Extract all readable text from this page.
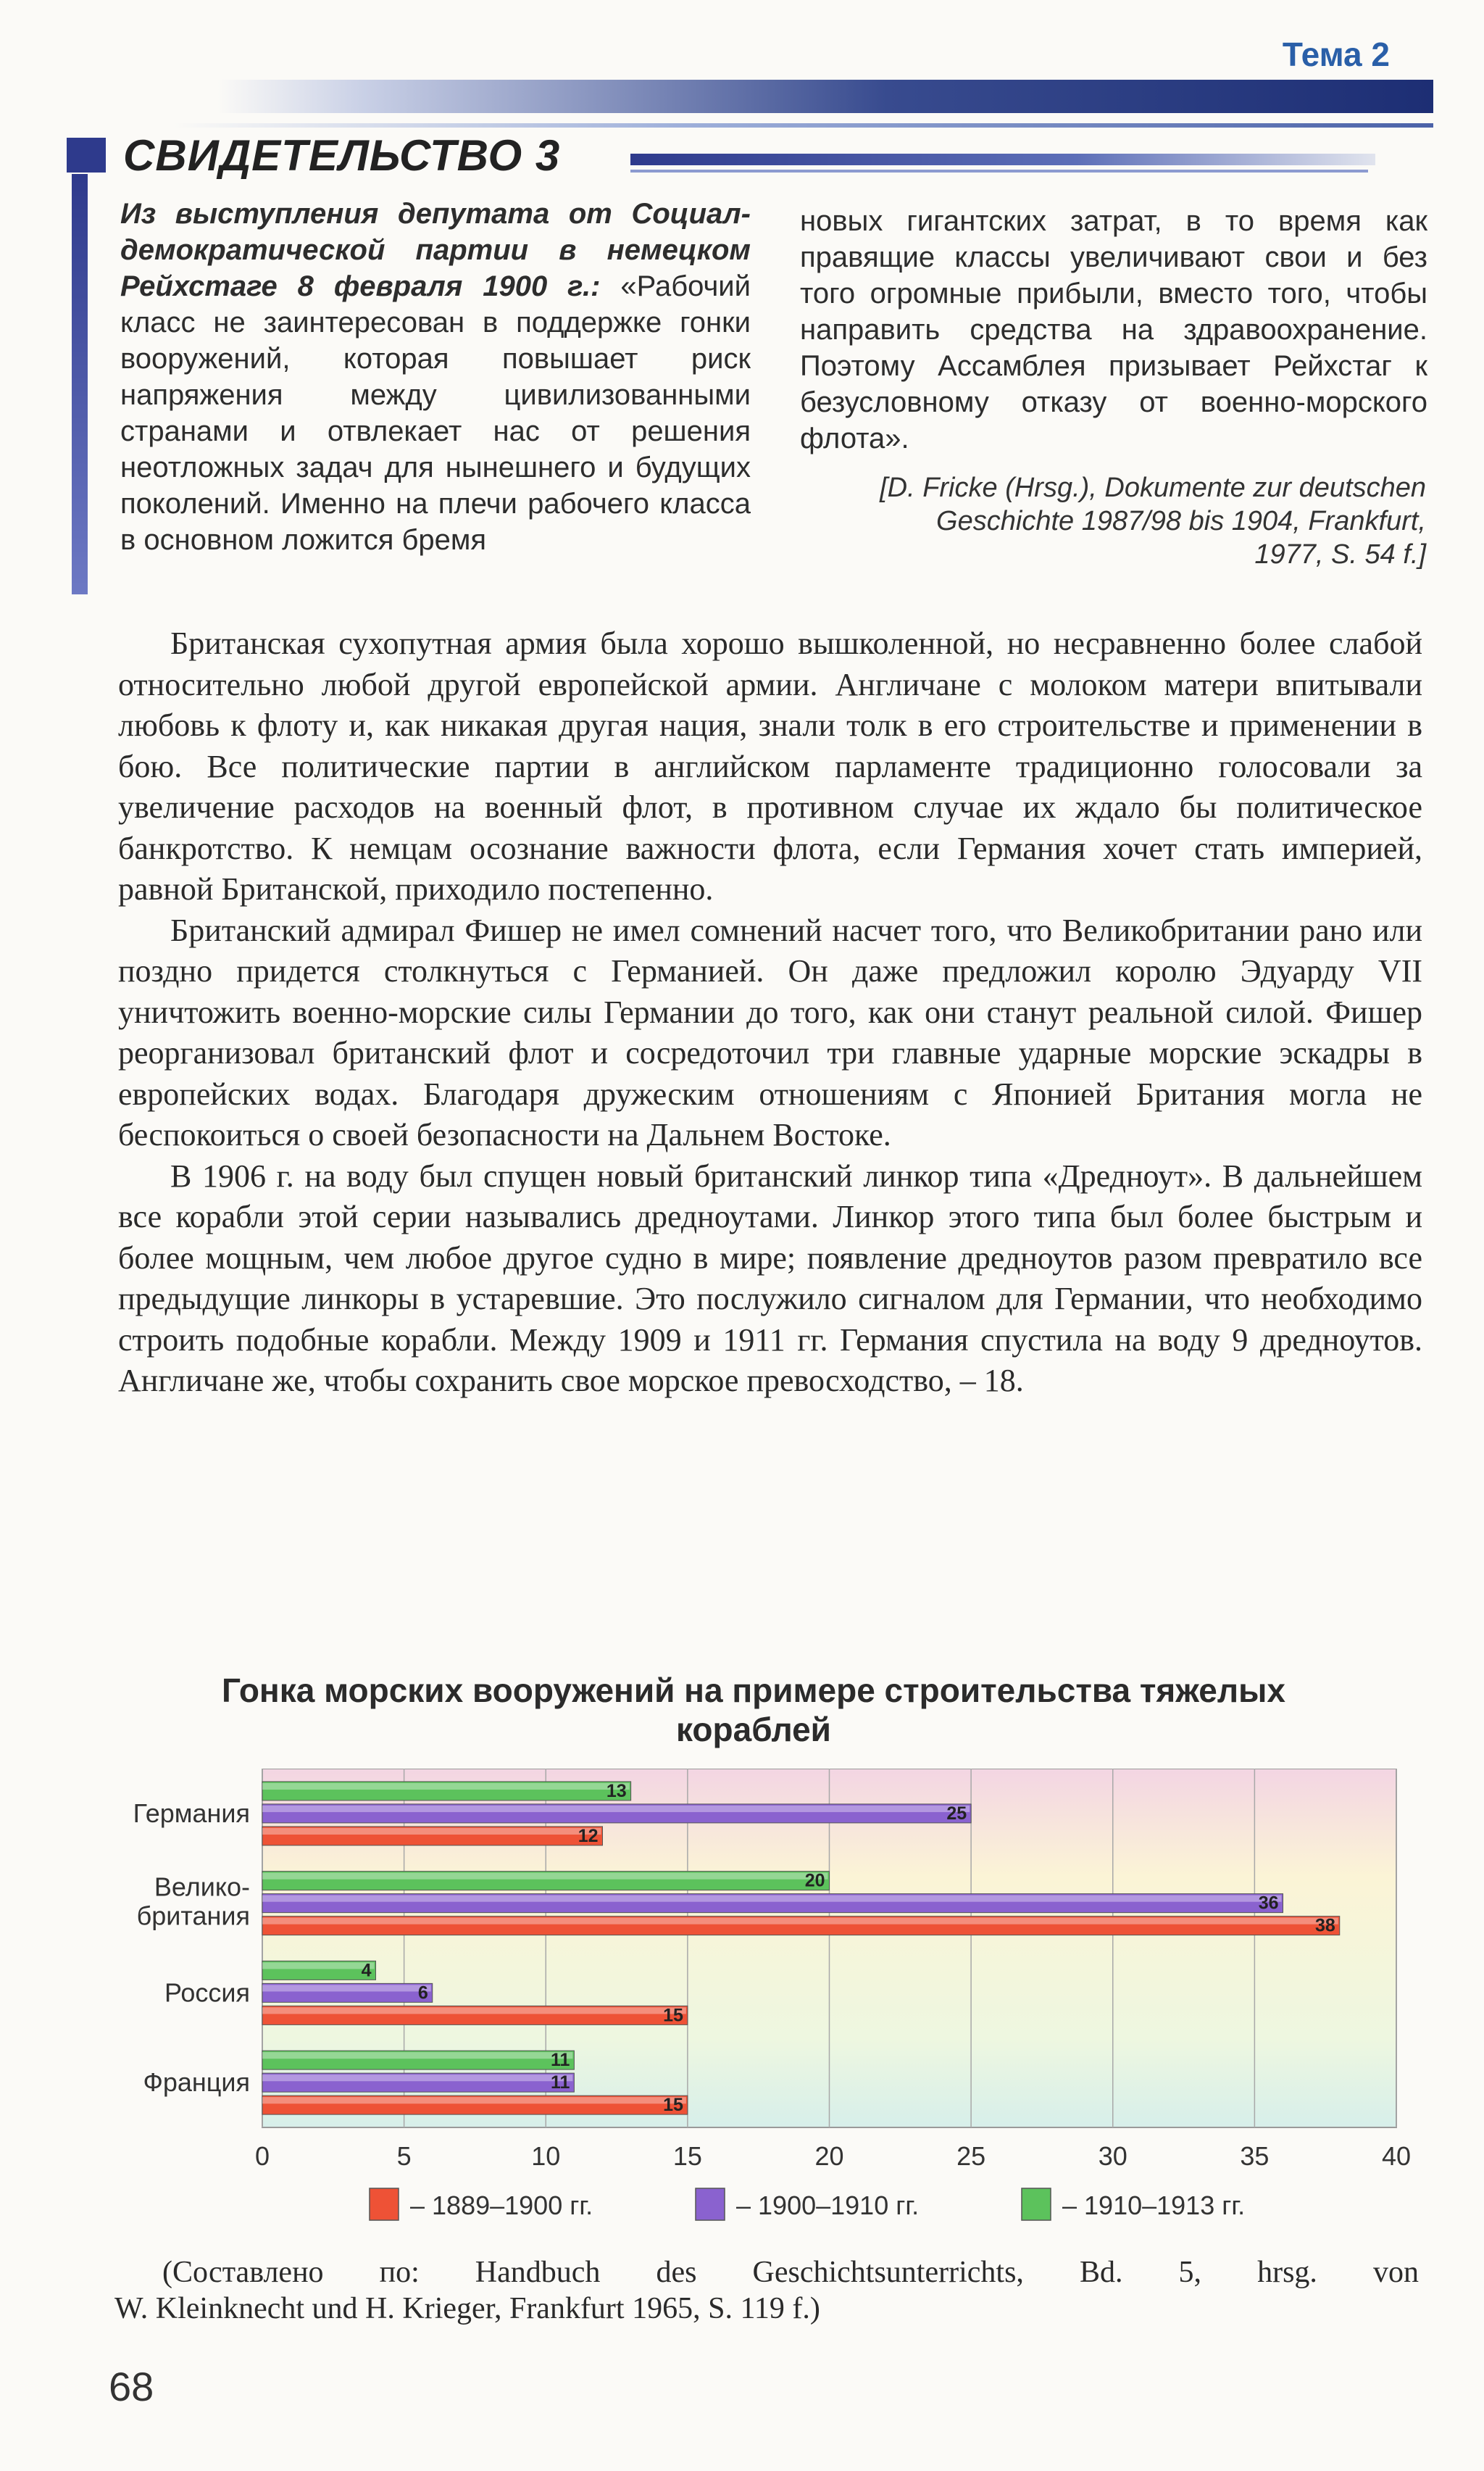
Тема 2
СВИДЕТЕЛЬСТВО 3
Из выступления депутата от Социал-демократической партии в немецком Рейхстаге 8 февраля 1900 г.: «Рабочий класс не заинтересован в поддержке гонки вооружений, которая повышает риск напряжения между цивилизованными странами и отвлекает нас от решения неотложных задач для нынешнего и будущих поколений. Именно на плечи рабочего класса в основном ложится бремя
новых гигантских затрат, в то время как правящие классы увеличивают свои и без того огромные прибыли, вместо того, чтобы направить средства на здравоохранение. Поэтому Ассамблея призывает Рейхстаг к безусловному отказу от военно-морского флота».
[D. Fricke (Hrsg.), Dokumente zur deutschen Geschichte 1987/98 bis 1904, Frankfurt, 1977, S. 54 f.]

Британская сухопутная армия была хорошо вышколенной, но несравненно более слабой относительно любой другой европейской армии. Англичане с молоком матери впитывали любовь к флоту и, как никакая другая нация, знали толк в его строительстве и применении в бою. Все политические партии в английском парламенте традиционно голосовали за увеличение расходов на военный флот, в противном случае их ждало бы политическое банкротство. К немцам осознание важности флота, если Германия хочет стать империей, равной Британской, приходило постепенно.

Британский адмирал Фишер не имел сомнений насчет того, что Великобритании рано или поздно придется столкнуться с Германией. Он даже предложил королю Эдуарду VII уничтожить военно-морские силы Германии до того, как они станут реальной силой. Фишер реорганизовал британский флот и сосредоточил три главные ударные морские эскадры в европейских водах. Благодаря дружеским отношениям с Японией Британия могла не беспокоиться о своей безопасности на Дальнем Востоке.

В 1906 г. на воду был спущен новый британский линкор типа «Дредноут». В дальнейшем все корабли этой серии назывались дредноутами. Линкор этого типа был более быстрым и более мощным, чем любое другое судно в мире; появление дредноутов разом превратило все предыдущие линкоры в устаревшие. Это послужило сигналом для Германии, что необходимо строить подобные корабли. Между 1909 и 1911 гг. Германия спустила на воду 9 дредноутов. Англичане же, чтобы сохранить свое морское превосходство, – 18.

Гонка морских вооружений на примере строительства тяжелых кораблей
0	5	10	15	20	25	30	35	40
13
25
12
Германия
20
36
38
Велико-
британия
4
6
15
Россия
11
11
15
Франция
– 1889–1900 гг.	– 1900–1910 гг.	– 1910–1913 гг.
(Составлено по: Handbuch des Geschichtsunterrichts, Bd. 5, hrsg. von
W. Kleinknecht und H. Krieger, Frankfurt 1965, S. 119 f.)
68
